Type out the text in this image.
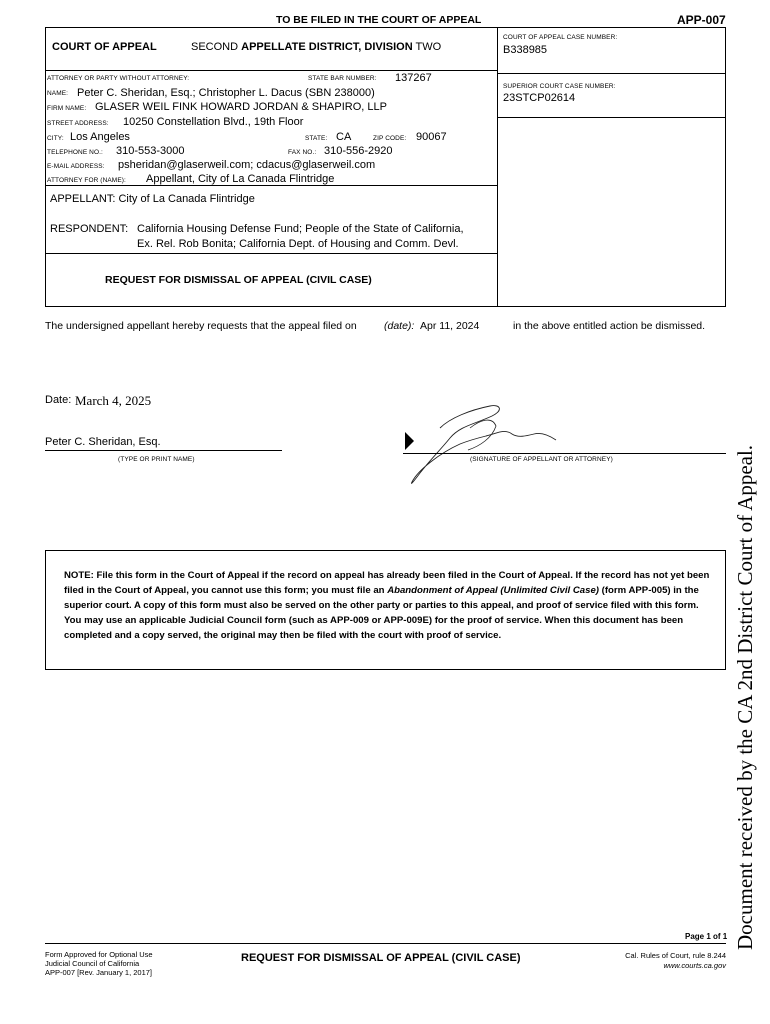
TO BE FILED IN THE COURT OF APPEAL	APP-007
COURT OF APPEAL	SECOND APPELLATE DISTRICT, DIVISION TWO
COURT OF APPEAL CASE NUMBER:
B338985
SUPERIOR COURT CASE NUMBER:
23STCP02614
ATTORNEY OR PARTY WITHOUT ATTORNEY:	STATE BAR NUMBER: 137267
NAME: Peter C. Sheridan, Esq.; Christopher L. Dacus (SBN 238000)
FIRM NAME: GLASER WEIL FINK HOWARD JORDAN & SHAPIRO, LLP
STREET ADDRESS: 10250 Constellation Blvd., 19th Floor
CITY: Los Angeles	STATE: CA	ZIP CODE: 90067
TELEPHONE NO.: 310-553-3000	FAX NO.: 310-556-2920
E-MAIL ADDRESS: psheridan@glaserweil.com; cdacus@glaserweil.com
ATTORNEY FOR (NAME): Appellant, City of La Canada Flintridge
APPELLANT: City of La Canada Flintridge
RESPONDENT: California Housing Defense Fund; People of the State of California,
Ex. Rel. Rob Bonita; California Dept. of Housing and Comm. Devl.
REQUEST FOR DISMISSAL OF APPEAL (CIVIL CASE)
The undersigned appellant hereby requests that the appeal filed on	(date): Apr 11, 2024	in the above entitled action be dismissed.
Date: March 4, 2025
Peter C. Sheridan, Esq.
(TYPE OR PRINT NAME)	(SIGNATURE OF APPELLANT OR ATTORNEY)
NOTE: File this form in the Court of Appeal if the record on appeal has already been filed in the Court of Appeal. If the record has not yet been filed in the Court of Appeal, you cannot use this form; you must file an Abandonment of Appeal (Unlimited Civil Case) (form APP-005) in the superior court. A copy of this form must also be served on the other party or parties to this appeal, and proof of service filed with this form. You may use an applicable Judicial Council form (such as APP-009 or APP-009E) for the proof of service. When this document has been completed and a copy served, the original may then be filed with the court with proof of service.	Document received by the CA 2nd District Court of Appeal.
Page 1 of 1
Form Approved for Optional Use
Judicial Council of California
APP-007 [Rev. January 1, 2017]
REQUEST FOR DISMISSAL OF APPEAL (CIVIL CASE)	Cal. Rules of Court, rule 8.244
www.courts.ca.gov
